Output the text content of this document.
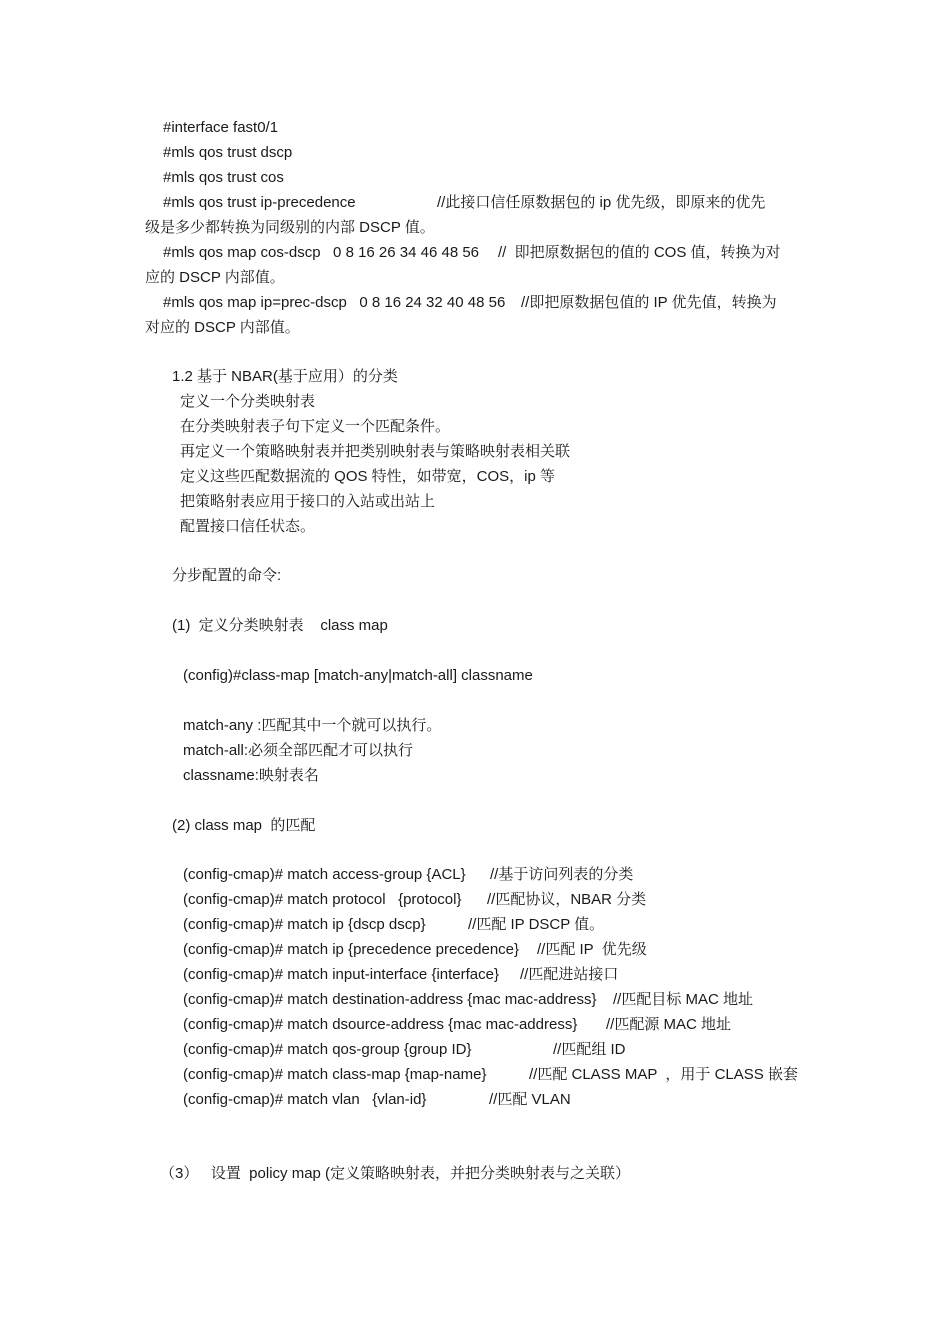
#interface fast0/1
#mls qos trust dscp
#mls qos trust cos
#mls qos trust ip-precedence	//此接口信任原数据包的 ip 优先级，即原来的优先
级是多少都转换为同级别的内部 DSCP 值。
#mls qos map cos-dscp   0 8 16 26 34 46 48 56 //  即把原数据包的值的 COS 值，转换为对
应的 DSCP 内部值。
#mls qos map ip=prec-dscp   0 8 16 24 32 40 48 56 //即把原数据包值的 IP 优先值，转换为
对应的 DSCP 内部值。
1.2 基于 NBAR(基于应用）的分类
定义一个分类映射表
在分类映射表子句下定义一个匹配条件。
再定义一个策略映射表并把类别映射表与策略映射表相关联
定义这些匹配数据流的 QOS 特性，如带宽，COS，ip 等
把策略射表应用于接口的入站或出站上
配置接口信任状态。
分步配置的命令:
(1)  定义分类映射表    class map
(config)#class-map [match-any|match-all] classname
match-any :匹配其中一个就可以执行。
match-all:必须全部匹配才可以执行
classname:映射表名
(2) class map  的匹配
(config-cmap)# match access-group {ACL} //基于访问列表的分类
(config-cmap)# match protocol   {protocol} //匹配协议，NBAR 分类
(config-cmap)# match ip {dscp dscp}	//匹配 IP DSCP 值。
(config-cmap)# match ip {precedence precedence} //匹配 IP  优先级
(config-cmap)# match input-interface {interface} //匹配进站接口
(config-cmap)# match destination-address {mac mac-address} //匹配目标 MAC 地址
(config-cmap)# match dsource-address {mac mac-address} //匹配源 MAC 地址
(config-cmap)# match qos-group {group ID}	//匹配组 ID
(config-cmap)# match class-map {map-name}	//匹配 CLASS MAP  ，用于 CLASS 嵌套
(config-cmap)# match vlan   {vlan-id}	//匹配 VLAN
（3）   设置  policy map (定义策略映射表，并把分类映射表与之关联）
